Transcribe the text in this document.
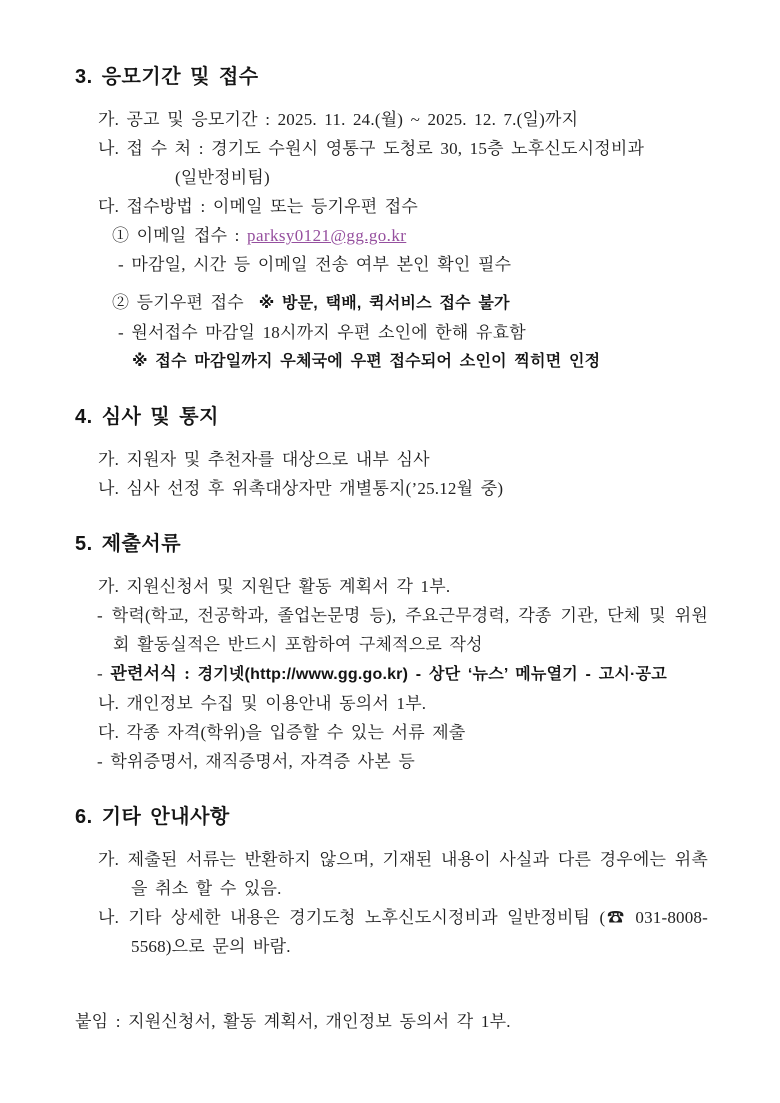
3. 응모기간 및 접수

가. 공고 및 응모기간 : 2025. 11. 24.(월) ~ 2025. 12. 7.(일)까지

나. 접 수 처 : 경기도 수원시 영통구 도청로 30, 15층 노후신도시정비과

(일반정비팀)

다. 접수방법 : 이메일 또는 등기우편 접수

① 이메일 접수 : parksy0121@gg.go.kr

- 마감일, 시간 등 이메일 전송 여부 본인 확인 필수

② 등기우편 접수 ※ 방문, 택배, 퀵서비스 접수 불가

- 원서접수 마감일 18시까지 우편 소인에 한해 유효함

※ 접수 마감일까지 우체국에 우편 접수되어 소인이 찍히면 인정

4. 심사 및 통지

가. 지원자 및 추천자를 대상으로 내부 심사

나. 심사 선정 후 위촉대상자만 개별통지(’25.12월 중)

5. 제출서류

가. 지원신청서 및 지원단 활동 계획서 각 1부.

- 학력(학교, 전공학과, 졸업논문명 등), 주요근무경력, 각종 기관, 단체 및 위원회 활동실적은 반드시 포함하여 구체적으로 작성

- 관련서식 : 경기넷(http://www.gg.go.kr) - 상단 ‘뉴스’ 메뉴열기 - 고시·공고

나. 개인정보 수집 및 이용안내 동의서 1부.

다. 각종 자격(학위)을 입증할 수 있는 서류 제출

- 학위증명서, 재직증명서, 자격증 사본 등

6. 기타 안내사항

가. 제출된 서류는 반환하지 않으며, 기재된 내용이 사실과 다른 경우에는 위촉을 취소 할 수 있음.

나. 기타 상세한 내용은 경기도청 노후신도시정비과 일반정비팀 (☎ 031-8008-5568)으로 문의 바람.

붙임 : 지원신청서, 활동 계획서, 개인정보 동의서 각 1부.
